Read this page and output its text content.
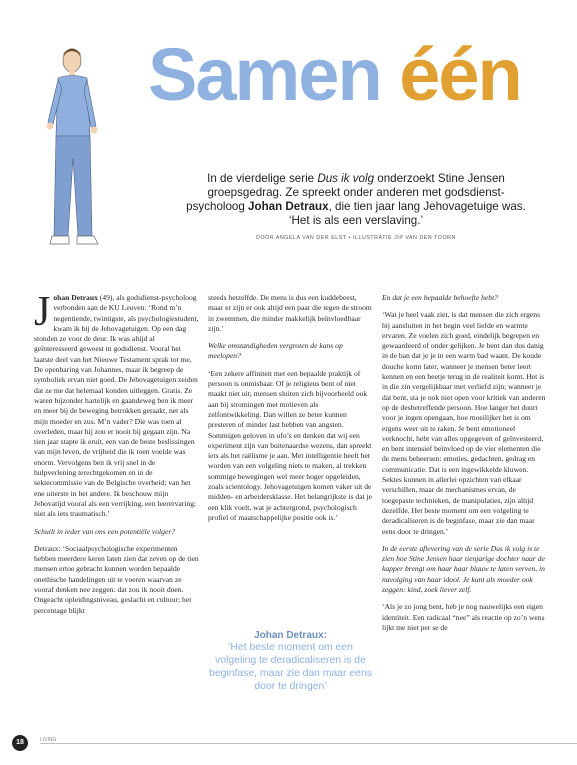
Samen één

In de vierdelige serie Dus ik volg onderzoekt Stine Jensen groepsgedrag. Ze spreekt onder anderen met godsdienst-psycholoog Johan Detraux, die tien jaar lang Jehovagetuige was. ‘Het is als een verslaving.’

DOOR ANGELA VAN DER ELST • ILLUSTRATIE JIP VAN DEN TOORN

Johan Detraux (49), als godsdienst-psycholoog verbonden aan de KU Leuven: ‘Rond m’n negentiende, twintigste, als psychologiestudent, kwam ik bij de Jehovagetuigen. Op een dag stonden ze voor de deur. Ik was altijd al geïnteresseerd geweest in godsdienst. Vooral het laatste deel van het Nieuwe Testament sprak tot me, De openbaring van Johannes, maar ik begreep de symboliek ervan niet goed. De Jehovagetuigen zeiden dat ze me dat helemaal konden uitleggen. Gratis. Ze waren bijzonder hartelijk en gaandeweg ben ik meer en meer bij de beweging betrokken geraakt, net als mijn moeder en zus. M’n vader? Die was toen al overleden, maar hij zou er nooit bij gegaan zijn. Na tien jaar stapte ik eruit, een van de beste beslissingen van mijn leven, de vrijheid die ik toen voelde was enorm. Vervolgens ben ik vrij snel in de hulpverlening terechtgekomen en in de sektecommissie van de Belgische overheid; van het ene uiterste in het andere. Ik beschouw mijn Jehovatijd vooral als een verrijking, een leerervaring; niet als iets traumatisch.’

Schuilt in ieder van ons een potentiële volger?

Detraux: ‘Sociaalpsychologische experimenten hebben meerdere keren laten zien dat zeven op de tien mensen ertoe gebracht kunnen worden bepaalde onethische handelingen uit te voeren waarvan ze vooraf denken nee zeggen: dat zou ik nooit doen. Ongeacht opleidingsniveau, geslacht en cultuur; het percentage blijkt

steeds hetzelfde. De mens is dus een kuddebeest, maar er zijn er ook altijd een paar die tegen de stroom in zwemmen, die minder makkelijk beïnvloedbaar zijn.’

Welke omstandigheden vergroten de kans op meelopen?

‘Een zekere affiniteit met een bepaalde praktijk of persoon is onmisbaar. Of je religieus bent of niet maakt niet uit; mensen sluiten zich bijvoorbeeld ook aan bij stromingen met motieven als zelfontwikkeling. Dan willen ze beter kunnen presteren of minder last hebben van angsten. Sommigen geloven in ufo’s en denken dat wij een experiment zijn van buitenaardse wezens, dan spreekt iets als het raëlisme je aan. Met intelligentie heeft het worden van een volgeling niets te maken, al trekken sommige bewegingen wel meer hoger opgeleiden, zoals scientology. Jehovagetuigen komen vaker uit de midden- en arbeidersklasse. Het belangrijkste is dat je een klik voelt, wat je achtergrond, psychologisch profiel of maatschappelijke positie ook is.’

Johan Detraux:
‘Het beste moment om een volgeling te deradicaliseren is de beginfase, maar zie dan maar eens door te dringen’

En dat je een bepaalde behoefte hebt?

‘Wat je heel vaak ziet, is dat mensen die zich ergens bij aansluiten in het begin veel liefde en warmte ervaren. Ze voelen zich goed, eindelijk begrepen en gewaardeerd of onder gelijken. Je bent dan dus danig in de ban dat je je in een warm bad waant. De koude douche komt later, wanneer je mensen beter leert kennen en een beetje terug in de realiteit komt. Het is in die zin vergelijkbaar met verliefd zijn; wanneer je dat bent, sta je ook niet open voor kritiek van anderen op de desbetreffende persoon. Hoe langer het duurt voor je ingen opengaan, hoe moeilijker het is om ergens weer uit te raken. Je bent emotioneel verknocht, hebt van alles opgegeven of geïnvesteerd, en bent intensief beïnvloed op de vier elementen die de mens beheersen: emoties, gedachten, gedrag en communicatie. Dat is een ingewikkelde kluwen. Sektes kunnen in allerlei opzichten van elkaar verschillen, maar de mechanismes ervan, de toegepaste technieken, de manipulaties, zijn altijd dezelfde. Het beste moment om een volgeling te deradicaliseren is de beginfase, maar zie dan maar eens door te dringen.’

In de eerste aflevering van de serie Dus ik volg is te zien hoe Stine Jensen haar tienjarige dochter naar de kapper brengt om haar haar blauw te laten verven, in navolging van haar idool. Je kunt als moeder ook zeggen: kind, zoek liever zelf.

‘Als je zo jong bent, heb je nog nauwelijks een eigen identiteit. Een radicaal “nee” als reactie op zo’n wens lijkt me niet per se de

18	LIVING
